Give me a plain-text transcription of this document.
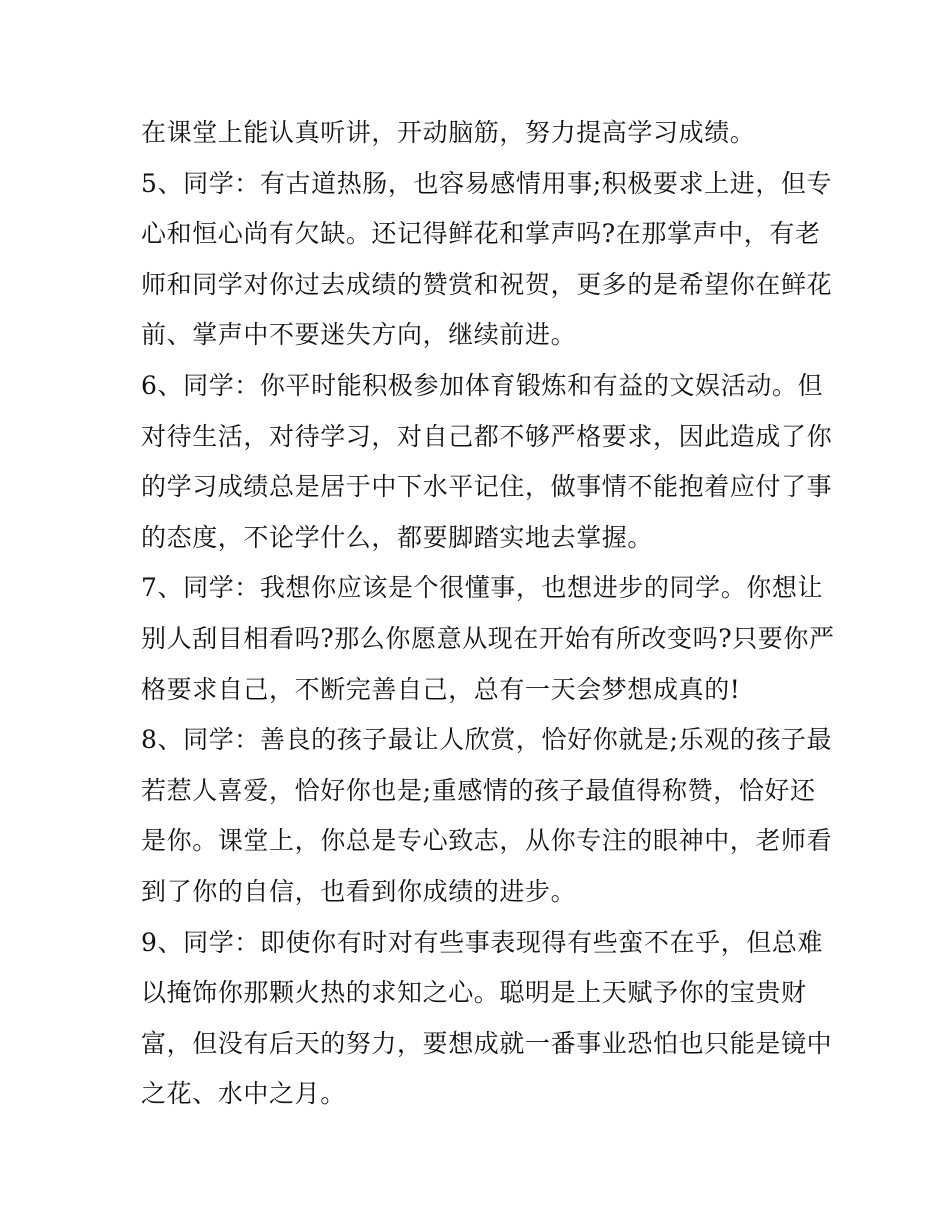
在课堂上能认真听讲，开动脑筋，努力提高学习成绩。
5、同学：有古道热肠，也容易感情用事;积极要求上进，但专
心和恒心尚有欠缺。还记得鲜花和掌声吗?在那掌声中，有老
师和同学对你过去成绩的赞赏和祝贺，更多的是希望你在鲜花
前、掌声中不要迷失方向，继续前进。
6、同学：你平时能积极参加体育锻炼和有益的文娱活动。但
对待生活，对待学习，对自己都不够严格要求，因此造成了你
的学习成绩总是居于中下水平记住，做事情不能抱着应付了事
的态度，不论学什么，都要脚踏实地去掌握。
7、同学：我想你应该是个很懂事，也想进步的同学。你想让
别人刮目相看吗?那么你愿意从现在开始有所改变吗?只要你严
格要求自己，不断完善自己，总有一天会梦想成真的!
8、同学：善良的孩子最让人欣赏，恰好你就是;乐观的孩子最
若惹人喜爱，恰好你也是;重感情的孩子最值得称赞，恰好还
是你。课堂上，你总是专心致志，从你专注的眼神中，老师看
到了你的自信，也看到你成绩的进步。
9、同学：即使你有时对有些事表现得有些蛮不在乎，但总难
以掩饰你那颗火热的求知之心。聪明是上天赋予你的宝贵财
富，但没有后天的努力，要想成就一番事业恐怕也只能是镜中
之花、水中之月。
